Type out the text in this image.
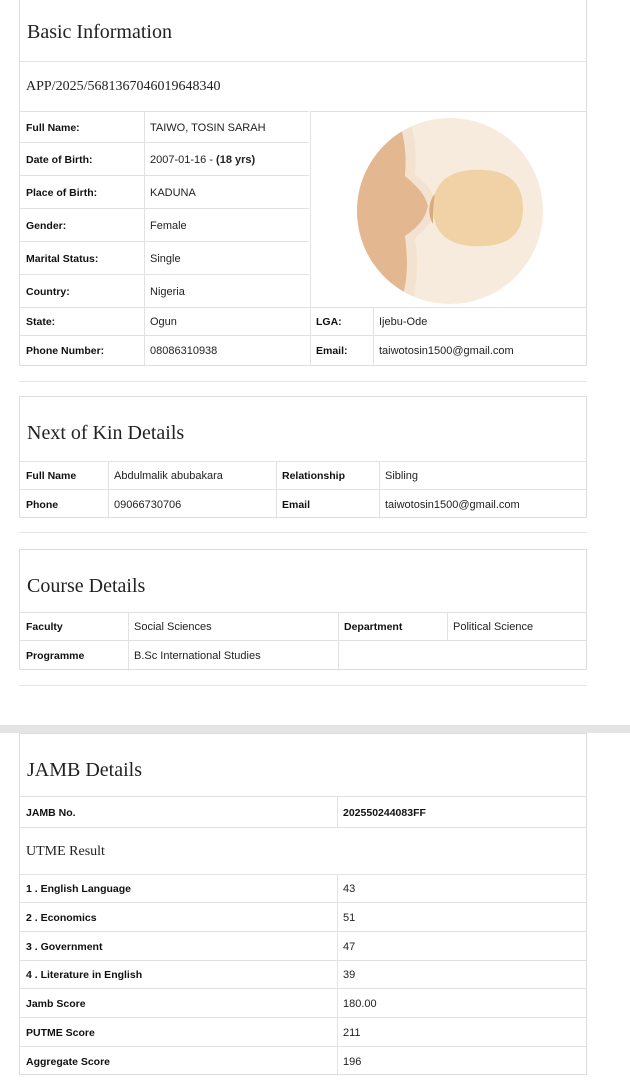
Basic Information
APP/2025/5681367046019648340
Full Name:	TAIWO, TOSIN SARAH
Date of Birth:	2007-01-16 - (18 yrs)
Place of Birth:	KADUNA
Gender:	Female
Marital Status:	Single
Country:	Nigeria
State:	Ogun	LGA:	Ijebu-Ode
Phone Number:	08086310938	Email:	taiwotosin1500@gmail.com
Next of Kin Details
Full Name	Abdulmalik abubakara	Relationship	Sibling
Phone	09066730706	Email	taiwotosin1500@gmail.com
Course Details
Faculty	Social Sciences	Department	Political Science
Programme	B.Sc International Studies
JAMB Details
JAMB No.	202550244083FF
UTME Result
1 . English Language	43
2 . Economics	51
3 . Government	47
4 . Literature in English	39
Jamb Score	180.00
PUTME Score	211
Aggregate Score	196
